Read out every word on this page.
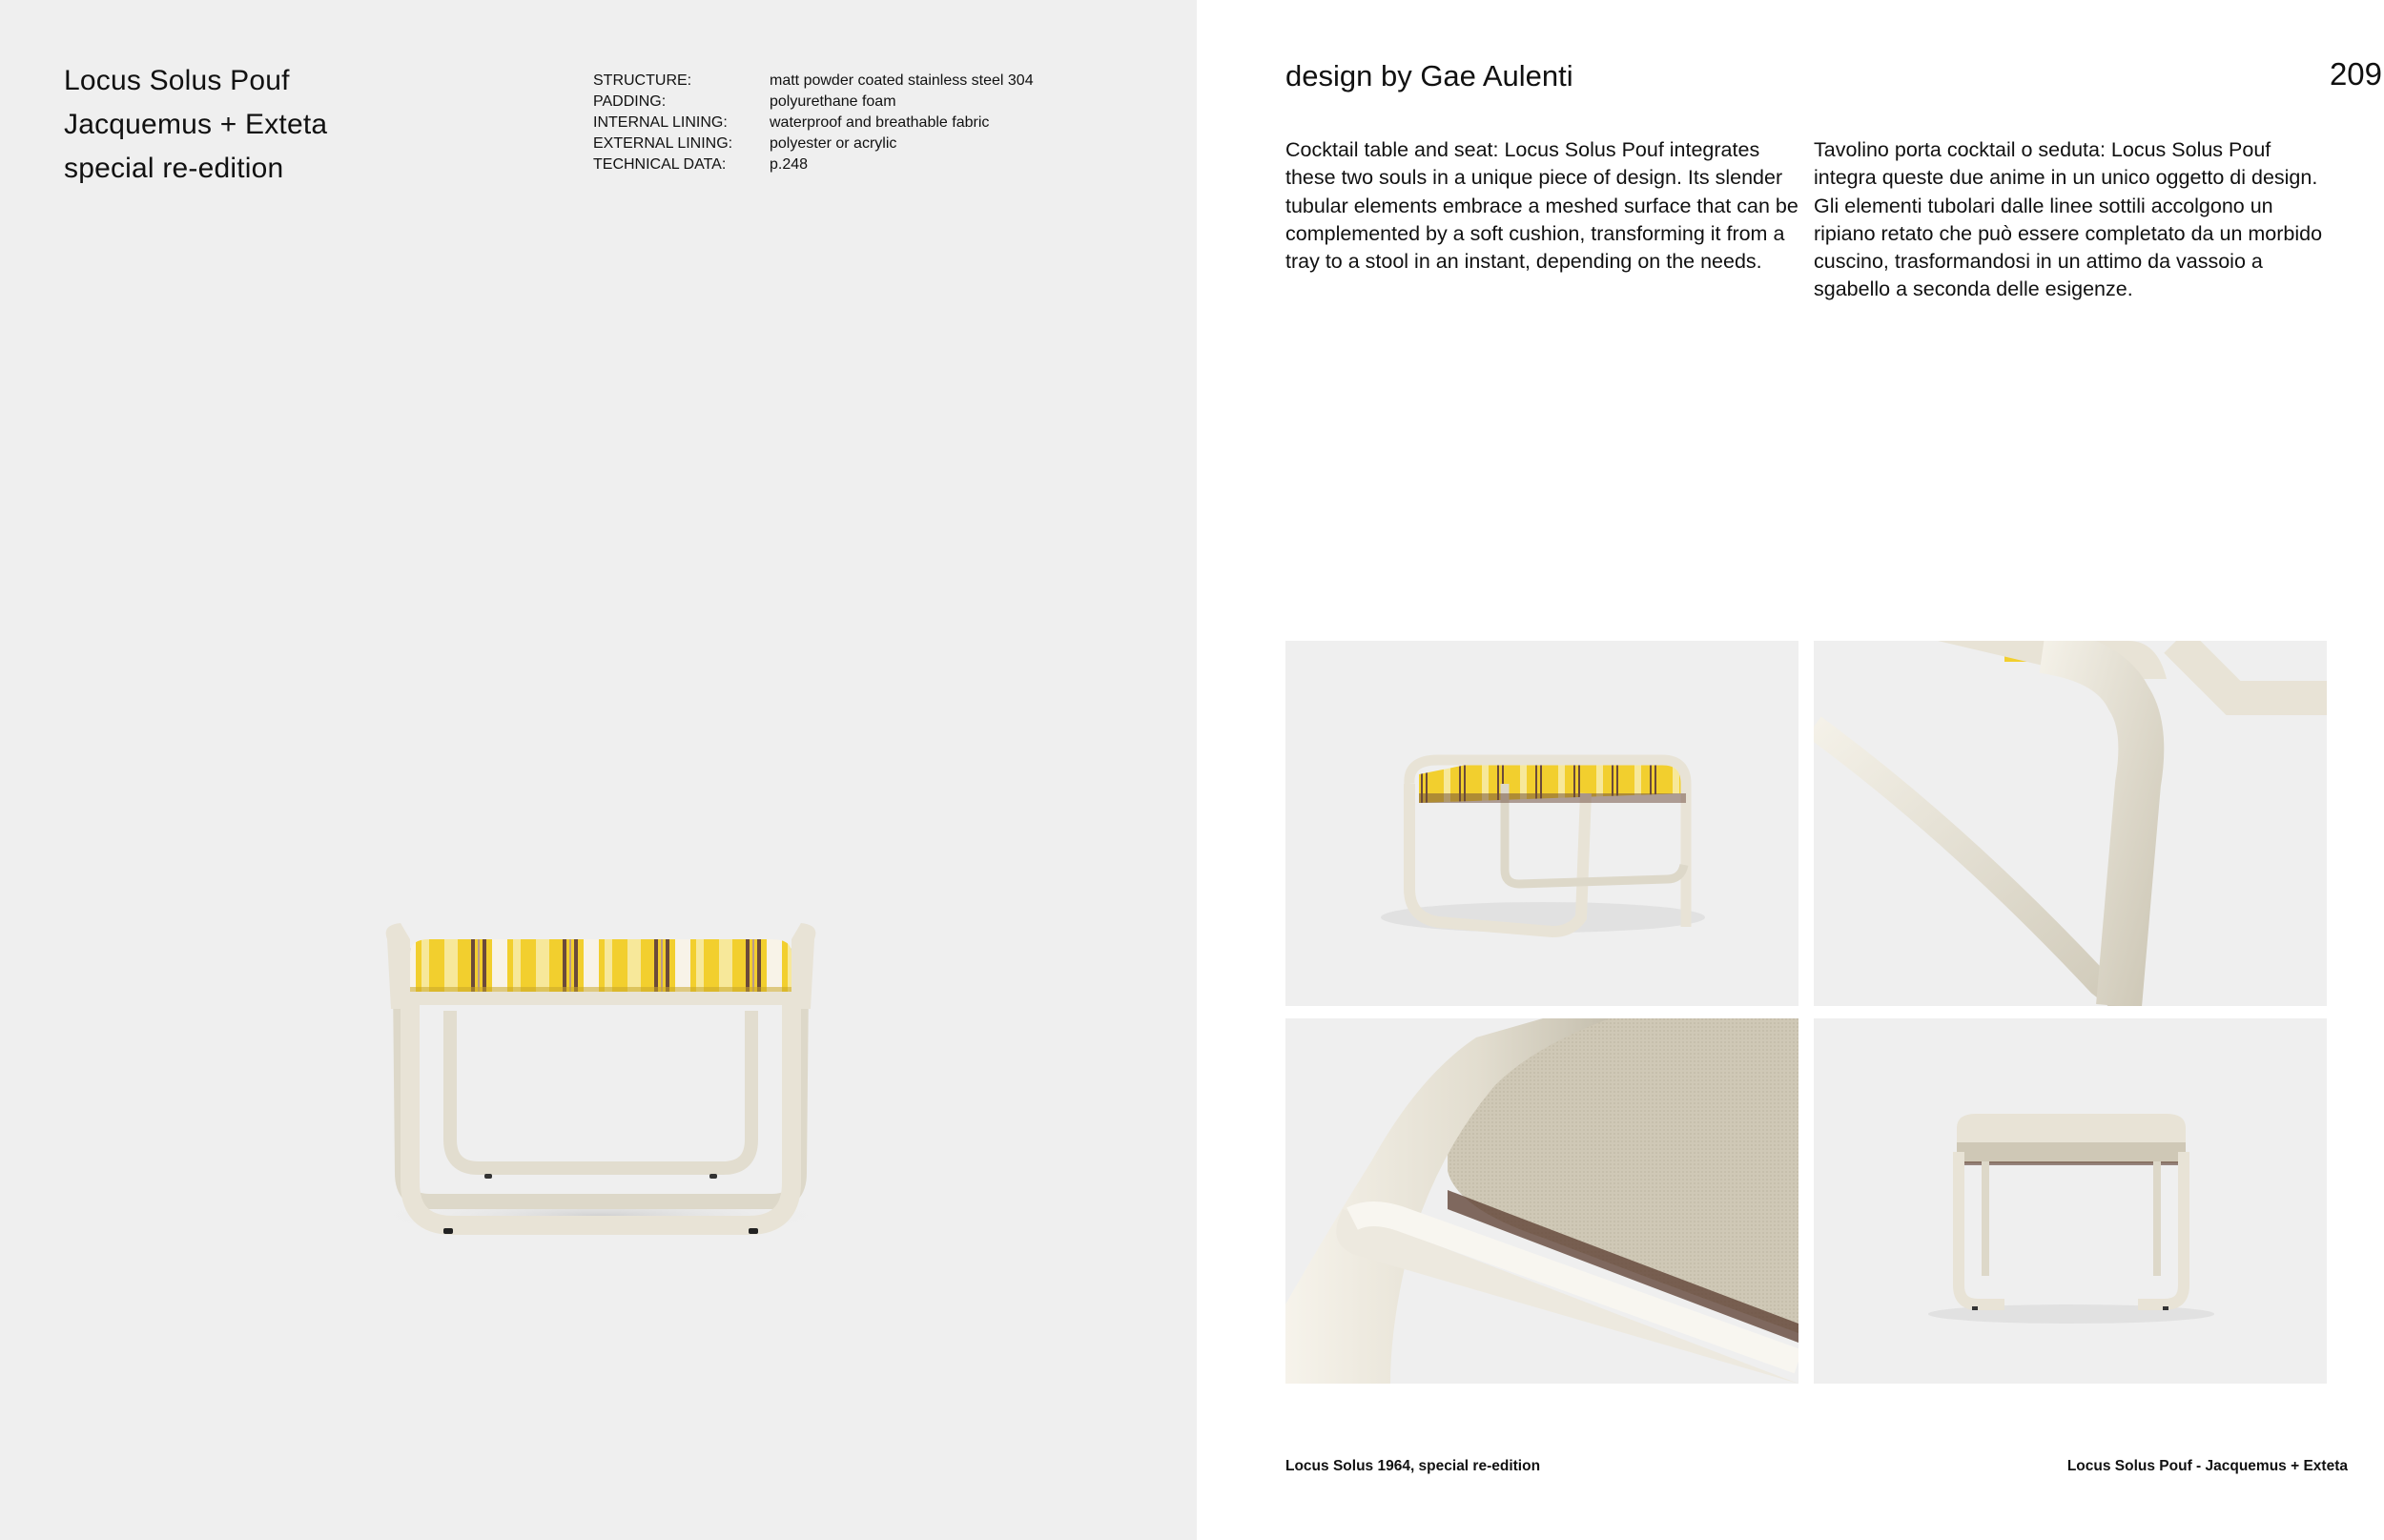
Locus Solus Pouf
Jacquemus + Exteta
special re-edition
STRUCTURE:	matt powder coated stainless steel 304
PADDING:	polyurethane foam
INTERNAL LINING:	waterproof and breathable fabric
EXTERNAL LINING:	polyester or acrylic
TECHNICAL DATA:	p.248
design by Gae Aulenti	209
Cocktail table and seat: Locus Solus Pouf integrates these two souls in a unique piece of design. Its slender tubular elements embrace a meshed surface that can be complemented by a soft cushion, transforming it from a tray to a stool in an instant, depending on the needs.
Tavolino porta cocktail o seduta: Locus Solus Pouf integra queste due anime in un unico oggetto di design. Gli elementi tubolari dalle linee sottili accolgono un ripiano retato che può essere completato da un morbido cuscino, trasformandosi in un attimo da vassoio a sgabello a seconda delle esigenze.
Locus Solus 1964, special re-edition	Locus Solus Pouf - Jacquemus + Exteta
